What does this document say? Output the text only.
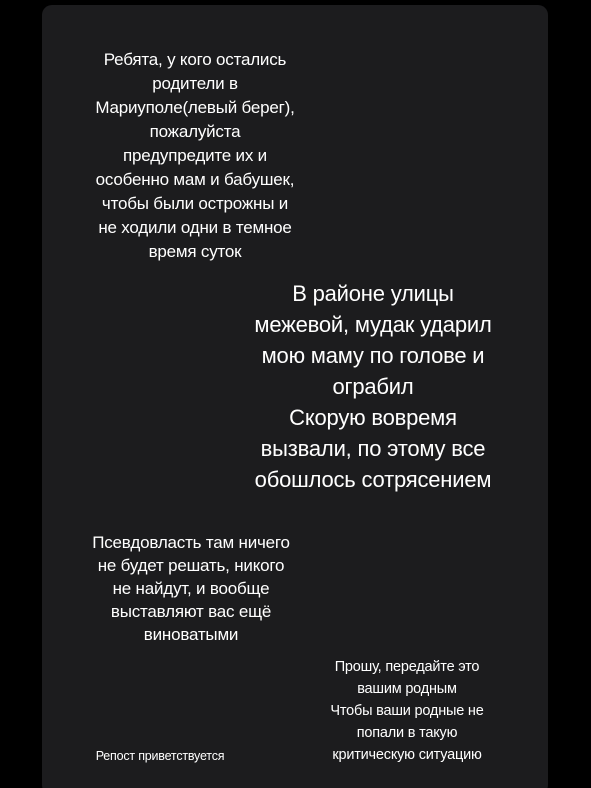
Ребята, у кого остались
родители в
Мариуполе(левый берег),
пожалуйста
предупредите их и
особенно мам и бабушек,
чтобы были острожны и
не ходили одни в темное
время суток
В районе улицы
межевой, мудак ударил
мою маму по голове и
ограбил
Скорую вовремя
вызвали, по этому все
обошлось сотрясением
Псевдовласть там ничего
не будет решать, никого
не найдут, и вообще
выставляют вас ещё
виноватыми
Прошу, передайте это
вашим родным
Чтобы ваши родные не
попали в такую
критическую ситуацию
Репост приветствуется
